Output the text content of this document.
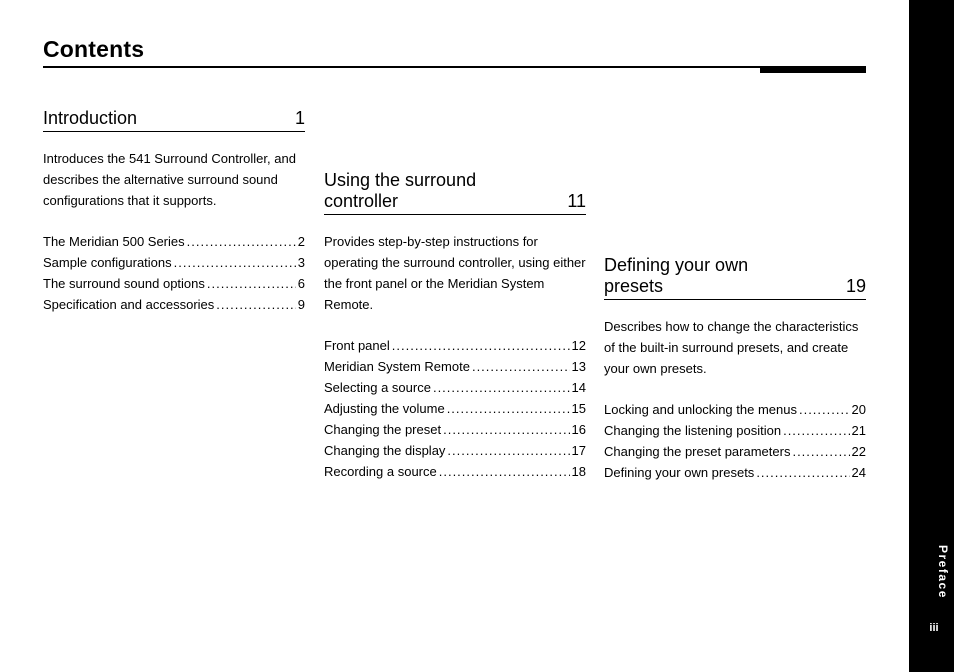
Contents
Introduction	1
Introduces the 541 Surround Controller, and describes the alternative surround sound configurations that it supports.
The Meridian 500 Series .....	2
Sample configurations .....	3
The surround sound options .....	6
Specification and accessories .....	9
Using the surround controller	11
Provides step-by-step instructions for operating the surround controller, using either the front panel or the Meridian System Remote.
Front panel .....	12
Meridian System Remote .....	13
Selecting a source .....	14
Adjusting the volume .....	15
Changing the preset .....	16
Changing the display .....	17
Recording a source .....	18
Defining your own presets	19
Describes how to change the characteristics of the built-in surround presets, and create your own presets.
Locking and unlocking the menus .....	20
Changing the listening position .....	21
Changing the preset parameters .....	22
Defining your own presets .....	24
Preface
iii
